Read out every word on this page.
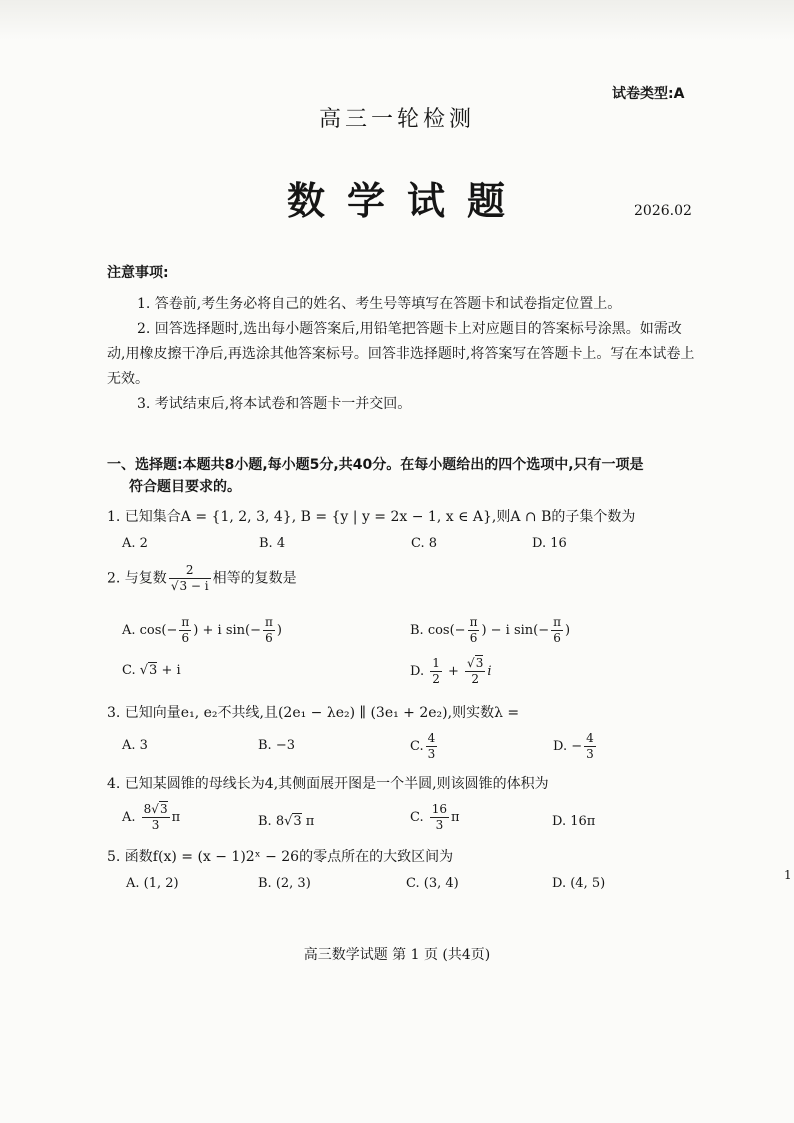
试卷类型:A
高三一轮检测
数学试题	2026.02
注意事项:

1. 答卷前,考生务必将自己的姓名、考生号等填写在答题卡和试卷指定位置上。

2. 回答选择题时,选出每小题答案后,用铅笔把答题卡上对应题目的答案标号涂黑。如需改动,用橡皮擦干净后,再选涂其他答案标号。回答非选择题时,将答案写在答题卡上。写在本试卷上无效。

3. 考试结束后,将本试卷和答题卡一并交回。

一、选择题:本题共8小题,每小题5分,共40分。在每小题给出的四个选项中,只有一项是
符合题目要求的。
1. 已知集合A = {1, 2, 3, 4}, B = {y | y = 2x − 1, x ∈ A},则A ∩ B的子集个数为
A. 2	B. 4	C. 8	D. 16
2. 与复数 $\frac{2}{√3 - i}$ 相等的复数是
A. $\cos(- \frac{\pi}{6}$ ) + i $\sin(- \frac{\pi}{6}$ )	B. $\cos(- \frac{\pi}{6}$ ) − i $\sin(- \frac{\pi}{6}$ )
C. √3 + i	D. $\frac{1}{2} + \frac{√3}{2}$ i
3. 已知向量e₁, e₂不共线,且(2e₁ − λe₂) ∥ (3e₁ + 2e₂),则实数λ =
A. 3	B. −3	C. $\frac{4}{3}$	D. − $\frac{4}{3}$
4. 已知某圆锥的母线长为4,其侧面展开图是一个半圆,则该圆锥的体积为
A. $\frac{8√3}{3}$ π	B. 8√3 π	C. $\frac{16}{3}$ π	D. 16π
5. 函数f(x) = (x − 1)2ˣ − 26的零点所在的大致区间为
A. (1, 2)	B. (2, 3)	C. (3, 4)	D. (4, 5)
高三数学试题 第 1 页 (共4页)
1
